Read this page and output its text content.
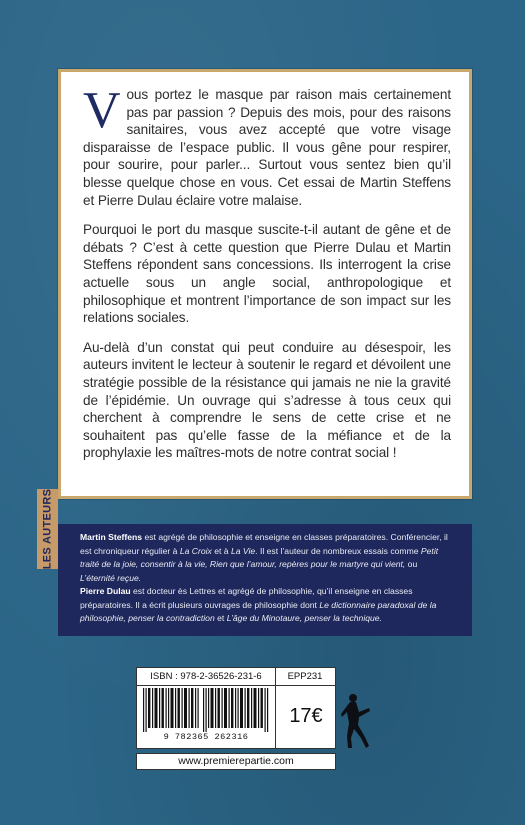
Vous portez le masque par raison mais certainement pas par passion ? Depuis des mois, pour des raisons sanitaires, vous avez accepté que votre visage disparaisse de l’espace public. Il vous gêne pour respirer, pour sourire, pour parler... Surtout vous sentez bien qu’il blesse quelque chose en vous. Cet essai de Martin Steffens et Pierre Dulau éclaire votre malaise.

Pourquoi le port du masque suscite-t-il autant de gêne et de débats ? C’est à cette question que Pierre Dulau et Martin Steffens répondent sans concessions. Ils interrogent la crise actuelle sous un angle social, anthropologique et philosophique et montrent l’importance de son impact sur les relations sociales.

Au-delà d’un constat qui peut conduire au désespoir, les auteurs invitent le lecteur à soutenir le regard et dévoilent une stratégie possible de la résistance qui jamais ne nie la gravité de l’épidémie. Un ouvrage qui s’adresse à tous ceux qui cherchent à comprendre le sens de cette crise et ne souhaitent pas qu’elle fasse de la méfiance et de la prophylaxie les maîtres-mots de notre contrat social !

LES AUTEURS	Martin Steffens est agrégé de philosophie et enseigne en classes préparatoires. Conférencier, il est chroniqueur régulier à La Croix et à La Vie. Il est l’auteur de nombreux essais comme Petit traité de la joie, consentir à la vie, Rien que l’amour, repères pour le martyre qui vient, ou L’éternité reçue.

Pierre Dulau est docteur ès Lettres et agrégé de philosophie, qu’il enseigne en classes préparatoires. Il a écrit plusieurs ouvrages de philosophie dont Le dictionnaire paradoxal de la philosophie, penser la contradiction et L’âge du Minotaure, penser la technique.

ISBN : 978-2-36526-231-6	EPP231
9 782365 262316
17€
www.premierepartie.com
